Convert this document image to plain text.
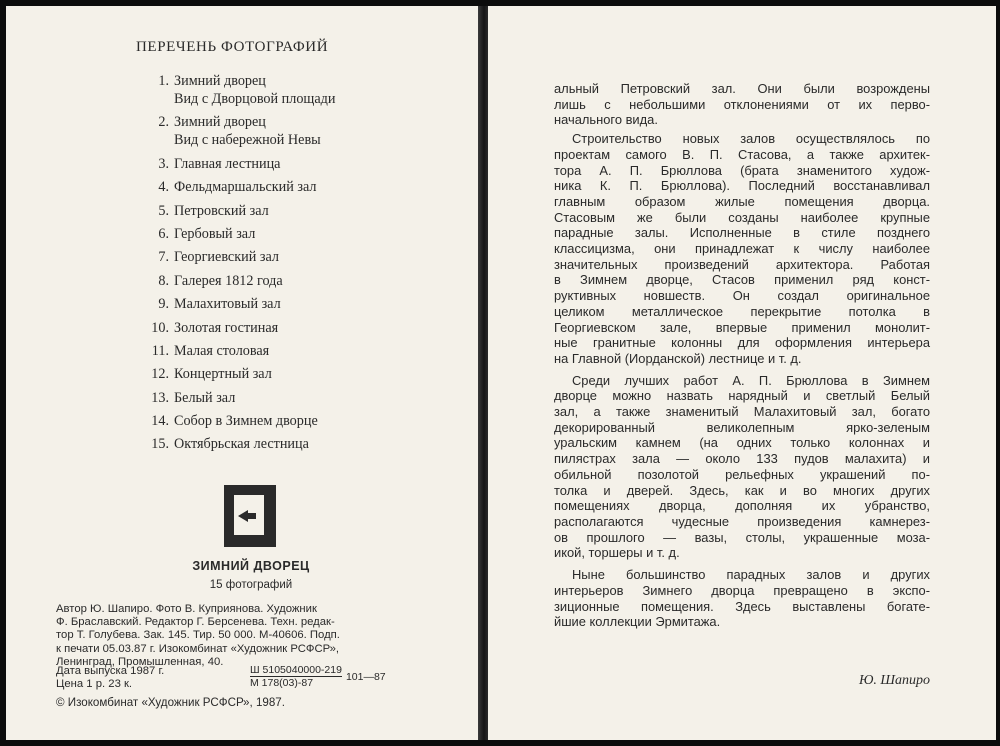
ПЕРЕЧЕНЬ ФОТОГРАФИЙ
1. Зимний дворец
Вид с Дворцовой площади
2. Зимний дворец
Вид с набережной Невы
3. Главная лестница
4. Фельдмаршальский зал
5. Петровский зал
6. Гербовый зал
7. Георгиевский зал
8. Галерея 1812 года
9. Малахитовый зал
10. Золотая гостиная
11. Малая столовая
12. Концертный зал
13. Белый зал
14. Собор в Зимнем дворце
15. Октябрьская лестница
ЗИМНИЙ ДВОРЕЦ
15 фотографий
Автор Ю. Шапиро. Фото В. Куприянова. Художник
Ф. Браславский. Редактор Г. Берсенева. Техн. редак-
тор Т. Голубева. Зак. 145. Тир. 50 000. М-40606. Подп.
к печати 05.03.87 г. Изокомбинат «Художник РСФСР»,
Ленинград, Промышленная, 40.
Дата выпуска 1987 г.
Цена 1 р. 23 к.	$\frac{Ш 5105040000-219}{М 178(03)-87}$ 101—87
© Изокомбинат «Художник РСФСР», 1987.
альный Петровский зал. Они были возрождены
лишь с небольшими отклонениями от их перво-
начального вида.
Строительство новых залов осуществлялось по
проектам самого В. П. Стасова, а также архитек-
тора А. П. Брюллова (брата знаменитого худож-
ника К. П. Брюллова). Последний восстанавливал
главным образом жилые помещения дворца.
Стасовым же были созданы наиболее крупные
парадные залы. Исполненные в стиле позднего
классицизма, они принадлежат к числу наиболее
значительных произведений архитектора. Работая
в Зимнем дворце, Стасов применил ряд конст-
руктивных новшеств. Он создал оригинальное
целиком металлическое перекрытие потолка в
Георгиевском зале, впервые применил монолит-
ные гранитные колонны для оформления интерьера
на Главной (Иорданской) лестнице и т. д.
Среди лучших работ А. П. Брюллова в Зимнем
дворце можно назвать нарядный и светлый Белый
зал, а также знаменитый Малахитовый зал, богато
декорированный великолепным ярко-зеленым
уральским камнем (на одних только колоннах и
пилястрах зала — около 133 пудов малахита) и
обильной позолотой рельефных украшений по-
толка и дверей. Здесь, как и во многих других
помещениях дворца, дополняя их убранство,
располагаются чудесные произведения камнерез-
ов прошлого — вазы, столы, украшенные моза-
икой, торшеры и т. д.
Ныне большинство парадных залов и других
интерьеров Зимнего дворца превращено в экспо-
зиционные помещения. Здесь выставлены богате-
йшие коллекции Эрмитажа.
Ю. Шапиро
